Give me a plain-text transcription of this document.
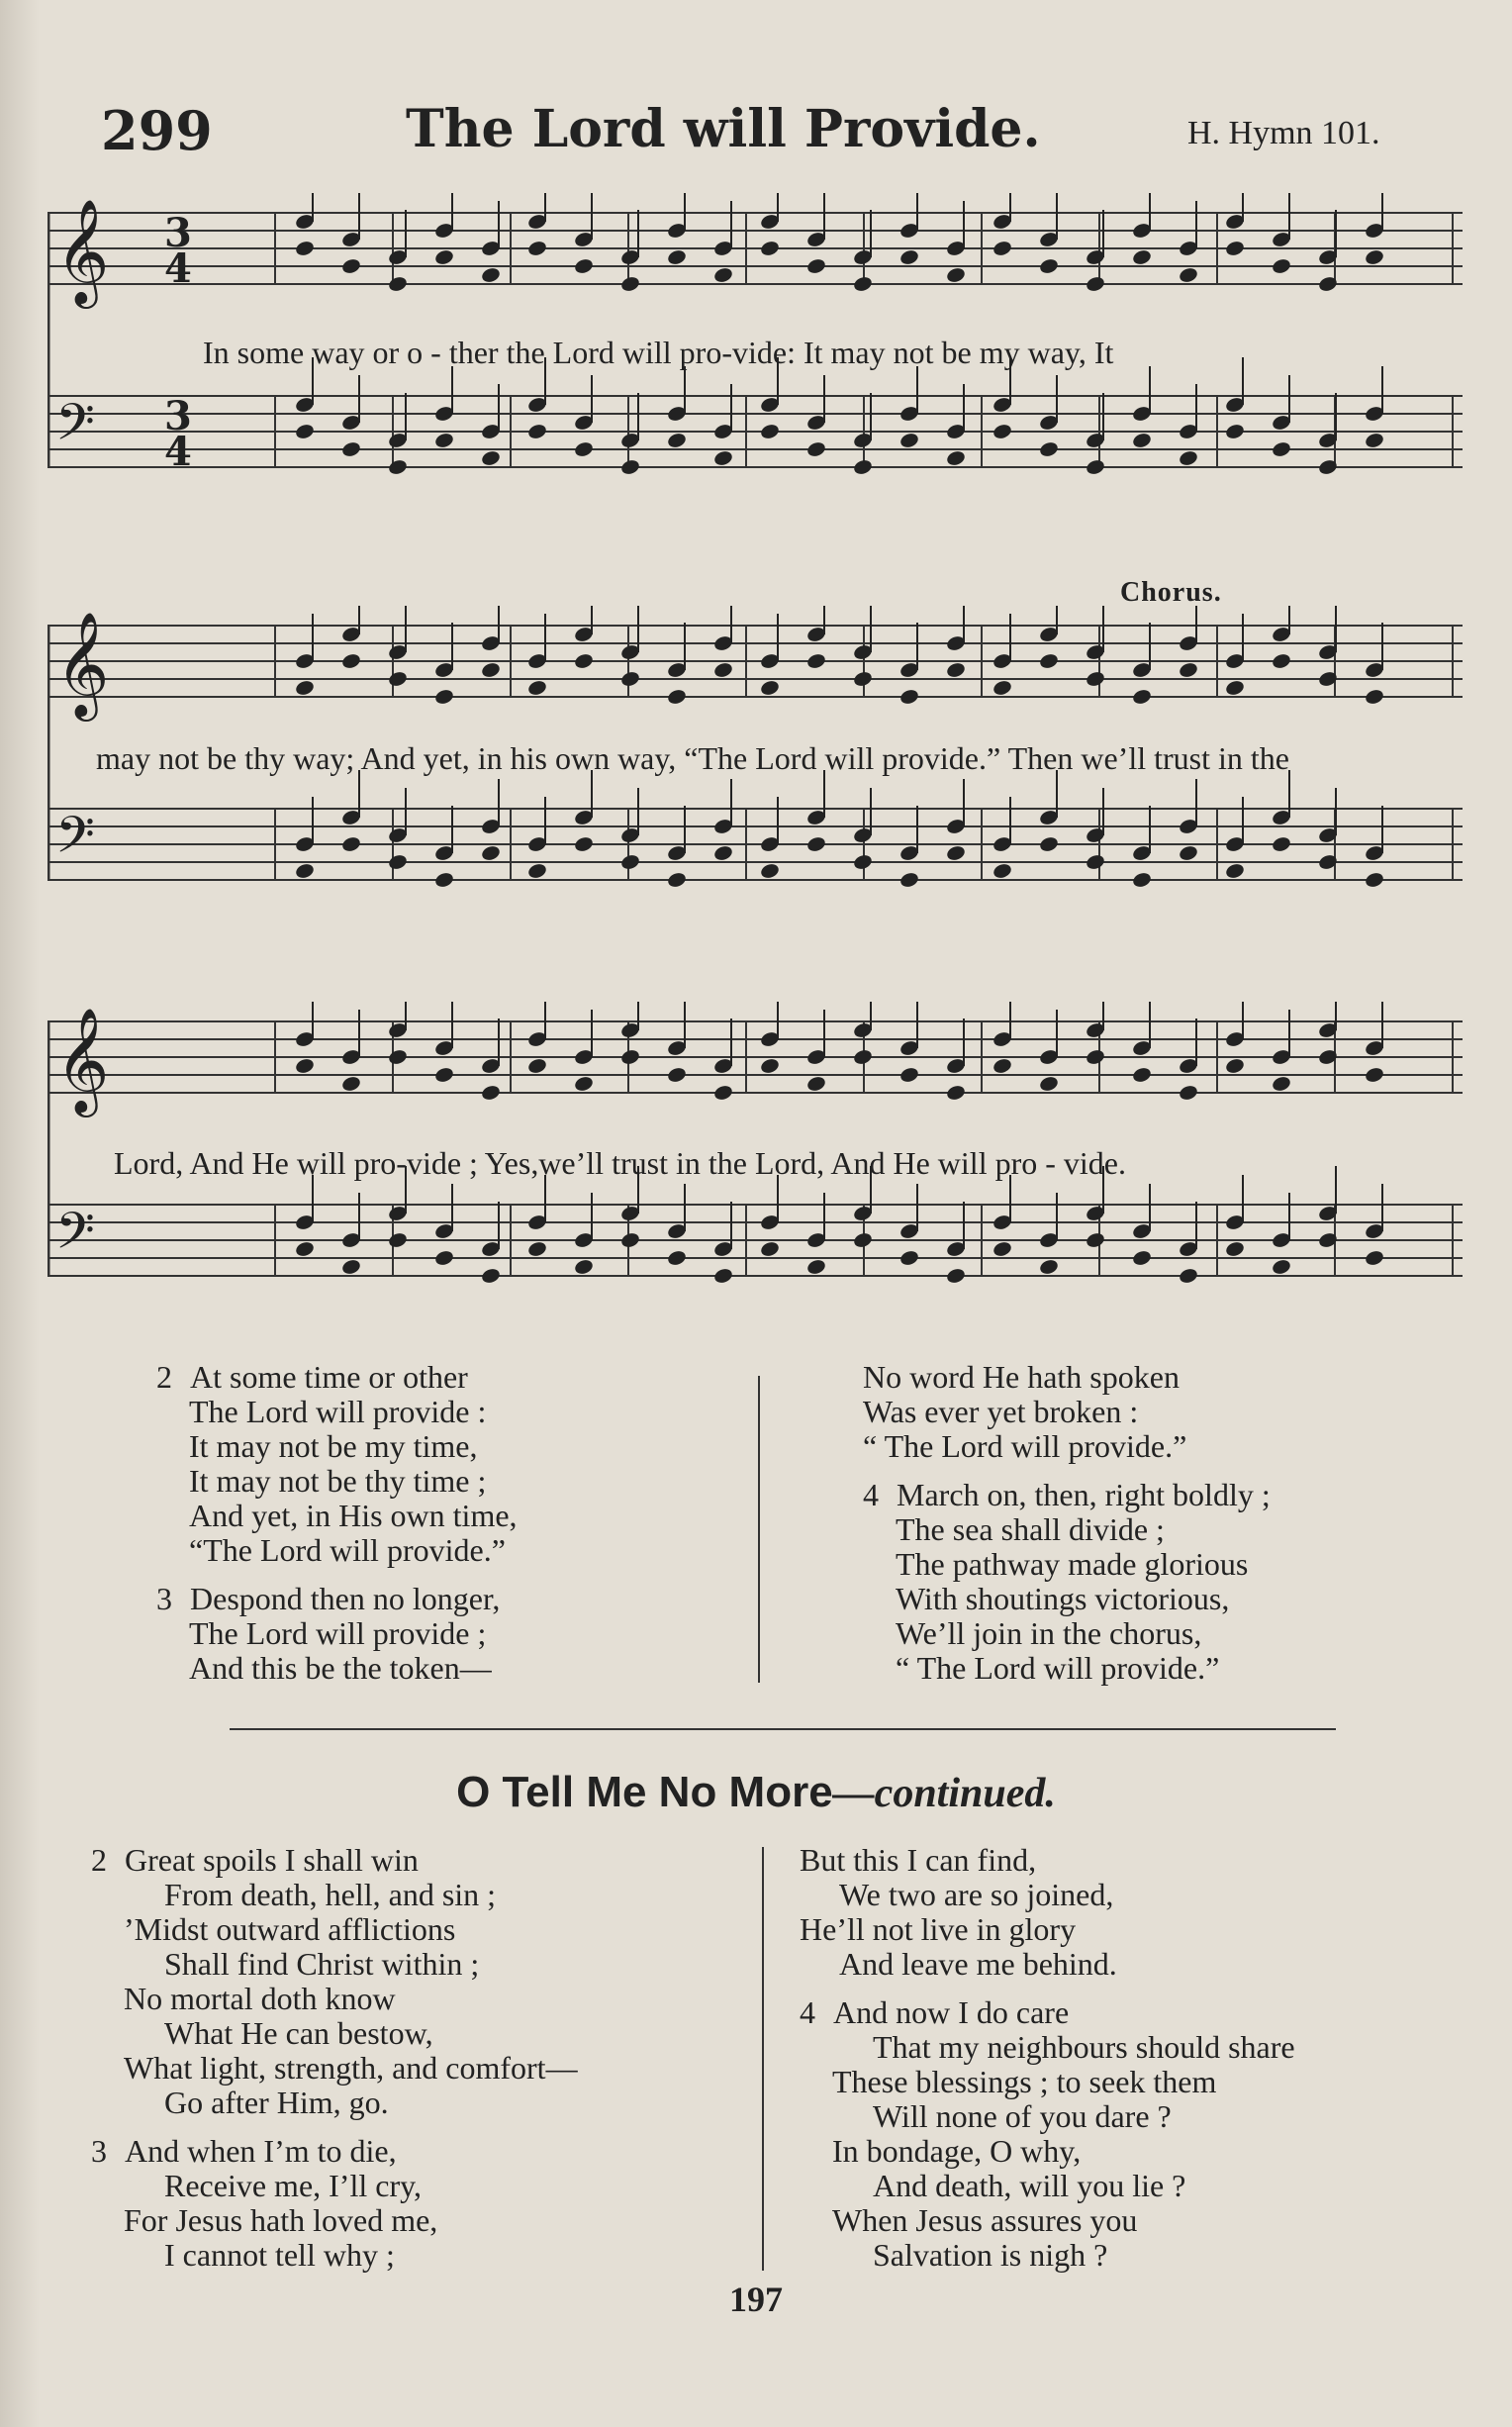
299	The Lord will Provide.	H. Hymn 101.
𝄞
𝄢
3
4
3
4
In some way or o - ther the Lord will pro-vide: It may not be my way, It
Chorus.
𝄞
𝄢
may not be thy way; And yet, in his own way, “The Lord will provide.” Then we’ll trust in the
𝄞
𝄢
Lord, And He will pro-vide ; Yes,we’ll trust in the Lord, And He will pro - vide.
2 At some time or other
The Lord will provide :
It may not be my time,
It may not be thy time ;
And yet, in His own time,
“The Lord will provide.”
3 Despond then no longer,
The Lord will provide ;
And this be the token—
No word He hath spoken
Was ever yet broken :
“ The Lord will provide.”
4 March on, then, right boldly ;
The sea shall divide ;
The pathway made glorious
With shoutings victorious,
We’ll join in the chorus,
“ The Lord will provide.”
O Tell Me No More—continued.
2 Great spoils I shall win
From death, hell, and sin ;
’Midst outward afflictions
Shall find Christ within ;
No mortal doth know
What He can bestow,
What light, strength, and comfort—
Go after Him, go.
3 And when I’m to die,
Receive me, I’ll cry,
For Jesus hath loved me,
I cannot tell why ;
But this I can find,
We two are so joined,
He’ll not live in glory
And leave me behind.
4 And now I do care
That my neighbours should share
These blessings ; to seek them
Will none of you dare ?
In bondage, O why,
And death, will you lie ?
When Jesus assures you
Salvation is nigh ?
197
